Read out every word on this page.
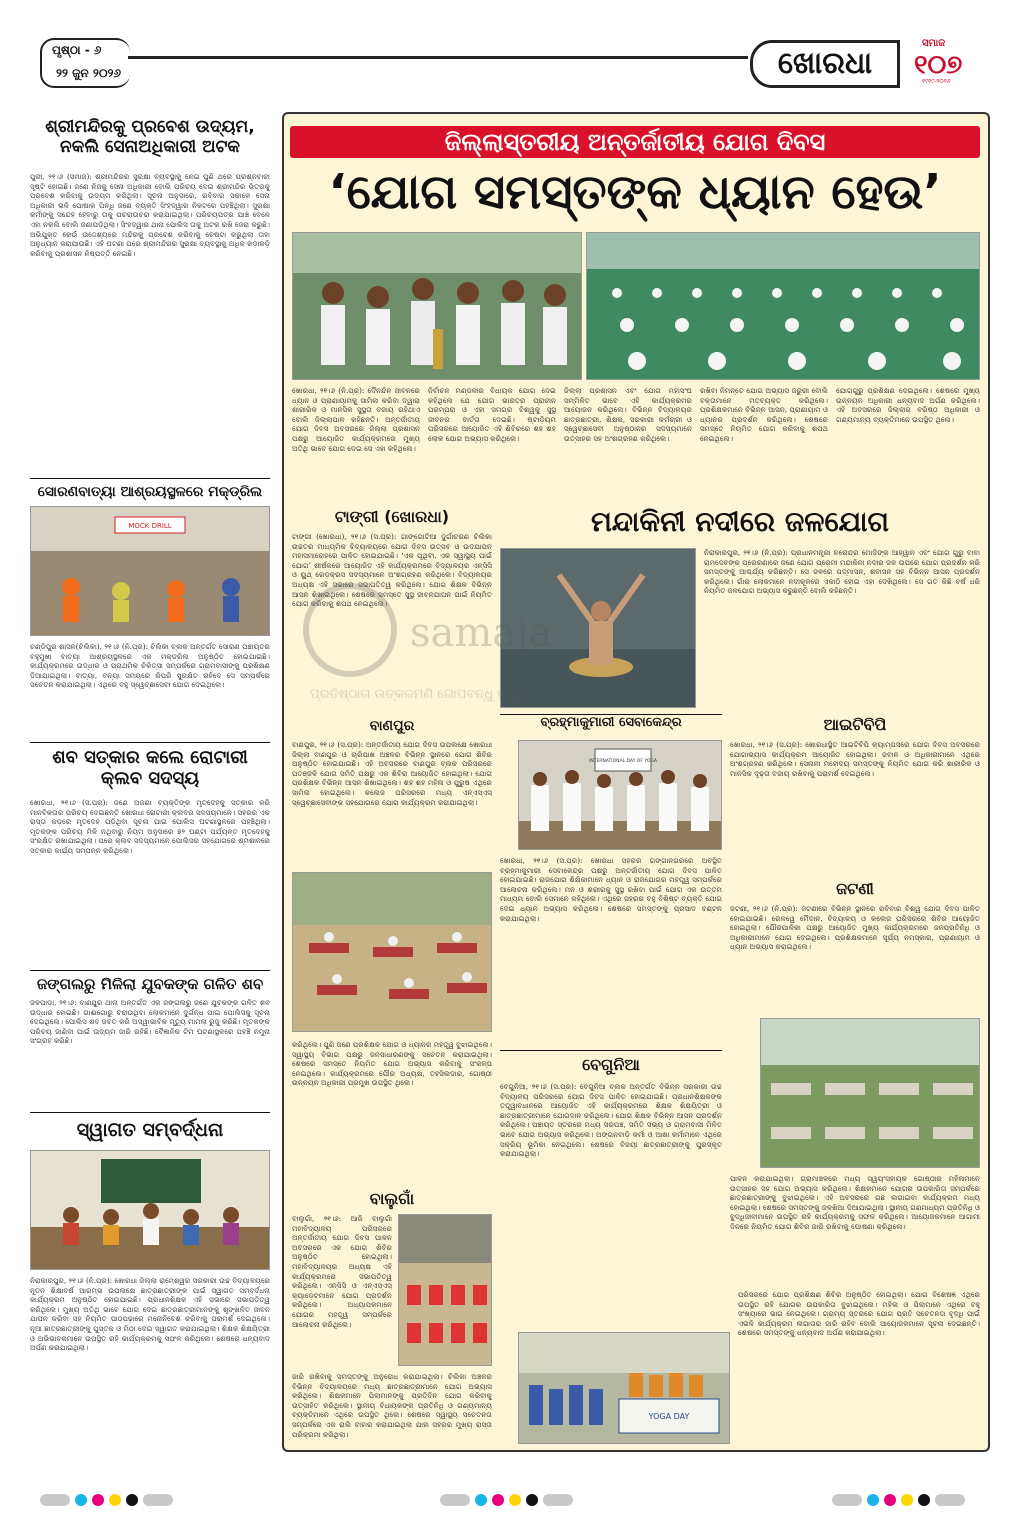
ପୃଷ୍ଠା - ୬
୨୨ ଜୁନ ୨୦୨୬	ଖୋରଧା
ସମାଜ
୧୦୭
୧୯୧୯-୨୦୨୬
ଶ୍ରୀମନ୍ଦିରକୁ ପ୍ରବେଶ ଉଦ୍ୟମ, ନକଲି ସେନାଅଧିକାରୀ ଅଟକ
ପୁରୀ, ୨୧।୬ (ସମାଜ): ଶ୍ରୀମନ୍ଦିରର ସୁରକ୍ଷା ବ୍ୟବସ୍ଥାକୁ ନେଇ ପୁଣି ଥରେ ପ୍ରଶ୍ନବାଚୀ ସୃଷ୍ଟି ହୋଇଛି। ଜଣେ ନିଜକୁ ସେନା ଅଧିକାରୀ ବୋଲି ପରିଚୟ ଦେଇ ଶ୍ରୀମନ୍ଦିର ଭିତରକୁ ପ୍ରବେଶ କରିବାକୁ ଉଦ୍ୟମ କରିଥିଲା। ସୂଚନା ଅନୁସାରେ, ରବିବାର ସକାଳେ ସେନା ଅଧିକାରୀ ଭଳି ପୋଷାକ ପିନ୍ଧି ଜଣେ ବ୍ୟକ୍ତି ସିଂହଦ୍ୱାର ନିକଟରେ ପହଞ୍ଚିଥିଲା। ସୁରକ୍ଷା କର୍ମୀଙ୍କୁ ସନ୍ଦେହ ହେବାରୁ ତାକୁ ପଚରାଉଚରା କରାଯାଇଥିଲା। ପରିଚୟପତ୍ର ଯାଞ୍ଚ ବେଳେ ଏହା ନକଲି ବୋଲି ଜଣାପଡ଼ିଥିଲା। ସିଂହଦ୍ୱାର ଥାନା ପୋଲିସ ତାକୁ ଅଟକ ରଖି ଜେରା କରୁଛି। ଅଭିଯୁକ୍ତ କେଉଁ ଉଦ୍ଦେଶ୍ୟରେ ମନ୍ଦିରକୁ ପ୍ରବେଶ କରିବାକୁ ଚେଷ୍ଟା କରୁଥିଲା ତାହା ଅନୁଧ୍ୟାନ କରାଯାଉଛି। ଏହି ଘଟଣା ପରେ ଶ୍ରୀମନ୍ଦିରର ସୁରକ୍ଷା ବ୍ୟବସ୍ଥାକୁ ଅଧିକ କଡ଼ାକଡ଼ି କରିବାକୁ ପ୍ରଶାସନ ନିଷ୍ପତ୍ତି ନେଇଛି।
ସୋରଣବାତ୍ୟା ଆଶ୍ରୟସ୍ଥଳରେ ମକ୍‌ଡ୍ରିଲ
MOCK DRILL
ଚଣ୍ଡିପୁର ଶାସନ(ଚିଲିକା), ୨୧।୬ (ନି.ପ୍ର): ଚିଲିକା ବ୍ଲକ ଅନ୍ତର୍ଗତ ସୋରଣ ପଞ୍ଚାୟତର ବହୁମୁଖୀ ବାତ୍ୟା ଆଶ୍ରୟସ୍ଥଳରେ ଏକ ମକ୍‌ଡ୍ରିଲ ଅନୁଷ୍ଠିତ ହୋଇଯାଇଛି। କାର୍ଯ୍ୟକ୍ରମରେ ଉଦ୍ଧାର ଓ ପ୍ରାଥମିକ ଚିକିତ୍ସା ସମ୍ପର୍କରେ ଗ୍ରାମବାସୀଙ୍କୁ ପ୍ରଶିକ୍ଷଣ ଦିଆଯାଇଥିଲା। ବାତ୍ୟା, ବନ୍ୟା ସମୟରେ କିପରି ସୁରକ୍ଷିତ ରହିବେ ସେ ସମ୍ପର୍କରେ ସଚେତନ କରାଯାଇଥିଲା। ଏଥିରେ ବହୁ ସ୍ୱେଚ୍ଛାସେବୀ ଯୋଗ ଦେଇଥିଲେ।
ଶବ ସତ୍କାର କଲେ ରୋଟାରୀ କ୍ଲବ ସଦସ୍ୟ
ଖୋରଧା, ୨୧।୬ (ସ.ପ୍ର): ଜଣେ ଅଜଣା ବ୍ୟକ୍ତିଙ୍କ ମୃତଦେହକୁ ସତ୍କାର କରି ମାନବିକତାର ପରିଚୟ ଦେଇଛନ୍ତି ଖୋରଧା ରୋଟାରୀ କ୍ଲବର ସଦସ୍ୟମାନେ। ସହରର ଏକ ରାସ୍ତା କଡ଼ରେ ମୃତଦେହ ପଡ଼ିଥିବା ସୂଚନା ପାଇ ପୋଲିସ ଘଟଣାସ୍ଥଳରେ ପହଞ୍ଚିଥିଲା। ମୃତକଙ୍କ ପରିଚୟ ମିଳି ନଥିବାରୁ ନିୟମ ଅନୁସାରେ ୭୨ ଘଣ୍ଟା ପର୍ଯ୍ୟନ୍ତ ମୃତଦେହକୁ ସଂରକ୍ଷିତ ରଖାଯାଇଥିଲା। ପରେ କ୍ଲବ ସଦସ୍ୟମାନେ ପୋଲିସର ସହଯୋଗରେ ଶ୍ମଶାନରେ ସତ୍କାର କାର୍ଯ୍ୟ ସମ୍ପନ୍ନ କରିଥିଲେ।
ଜଙ୍ଗଲରୁ ମିଳିଲା ଯୁବକଙ୍କ ଗଳିତ ଶବ
ଜଳପାଡ଼ା, ୨୧।୬: ବାଣପୁର ଥାନା ଅନ୍ତର୍ଗତ ଏକ ଜଙ୍ଗଲରୁ ଜଣେ ଯୁବକଙ୍କ ଗଳିତ ଶବ ଉଦ୍ଧାର ହୋଇଛି। ଗାଈଗୋରୁ ଚରାଉଥିବା ଲୋକମାନେ ଦୁର୍ଗନ୍ଧ ପାଇ ପୋଲିସକୁ ସୂଚନା ଦେଇଥିଲେ। ପୋଲିସ ଶବ ଜବତ କରି ଅସ୍ୱାଭାବିକ ମୃତ୍ୟୁ ମାମଲା ରୁଜୁ କରିଛି। ମୃତକଙ୍କ ପରିଚୟ ଜାଣିବା ପାଇଁ ଉଦ୍ୟମ ଜାରି ରହିଛି। ବୈଜ୍ଞାନିକ ଟିମ ଘଟଣାସ୍ଥଳରେ ପହଞ୍ଚି ନମୁନା ସଂଗ୍ରହ କରିଛି।
ସ୍ୱାଗତ ସମ୍ବର୍ଦ୍ଧନା
ନିରାକାରପୁର, ୨୧।୬ (ନି.ପ୍ର): ଖୋରଧା ଜିଲ୍ଲା ରାମେଶ୍ୱର ସରକାରୀ ଉଚ୍ଚ ବିଦ୍ୟାଳୟରେ ନୂତନ ଶିକ୍ଷାବର୍ଷ ଆରମ୍ଭ ଉପଲକ୍ଷେ ଛାତ୍ରଛାତ୍ରୀଙ୍କ ପାଇଁ ସ୍ୱାଗତ ସମ୍ବର୍ଦ୍ଧନା କାର୍ଯ୍ୟକ୍ରମ ଅନୁଷ୍ଠିତ ହୋଇଯାଇଛି। ପ୍ରଧାନଶିକ୍ଷକ ଏହି ସଭାରେ ସଭାପତିତ୍ୱ କରିଥିଲେ। ମୁଖ୍ୟ ଅତିଥି ଭାବେ ଯୋଗ ଦେଇ ଛାତ୍ରଛାତ୍ରୀମାନଙ୍କୁ ଶୃଙ୍ଖଳିତ ଜୀବନ ଯାପନ କରିବା ସହ ନିୟମିତ ପାଠପଢ଼ାରେ ମନୋନିବେଶ କରିବାକୁ ପରାମର୍ଶ ଦେଇଥିଲେ। ନୂଆ ଛାତ୍ରଛାତ୍ରୀଙ୍କୁ ପୁସ୍ତକ ଓ ମିଠା ଦେଇ ସ୍ୱାଗତ କରାଯାଇଥିଲା। ଶିକ୍ଷକ ଶିକ୍ଷୟିତ୍ରୀ ଓ ଅଭିଭାବକମାନେ ଉପସ୍ଥିତ ରହି କାର୍ଯ୍ୟକ୍ରମକୁ ସଫଳ କରିଥିଲେ। ଶେଷରେ ଧନ୍ୟବାଦ ଅର୍ପଣ କରାଯାଇଥିଲା।
ଜିଲ୍ଲାସ୍ତରୀୟ ଅନ୍ତର୍ଜାତୀୟ ଯୋଗ ଦିବସ
‘ଯୋଗ ସମସ୍ତଙ୍କ ଧ୍ୟାନ ହେଉ’
ଖୋରଧା, ୨୧।୬ (ନି.ପ୍ର): ଦୈନନ୍ଦିନ ଜୀବନରେ ଧ୍ୟାନ ଓ ପ୍ରାଣାୟାମକୁ ସାମିଲ କରିବା ଦ୍ୱାରା ଶାରୀରିକ ଓ ମାନସିକ ସୁସ୍ଥତା ବଜାୟ ରହିଥାଏ ବୋଲି ଜିଲ୍ଲାପାଳ କହିଛନ୍ତି। ଅନ୍ତର୍ଜାତୀୟ ଯୋଗ ଦିବସ ଅବସରରେ ଜିଲ୍ଲା ପ୍ରଶାସନ ପକ୍ଷରୁ ଆୟୋଜିତ କାର୍ଯ୍ୟକ୍ରମରେ ମୁଖ୍ୟ ଅତିଥି ଭାବେ ଯୋଗ ଦେଇ ସେ ଏହା କହିଥିଲେ।
ନିର୍ବାଚନ ମଣ୍ଡଳୀର ବିଧାୟକ ଯୋଗ ଦେଇ କହିଥିଲେ ଯେ ଯୋଗ ଭାରତର ପ୍ରାଚୀନ ପରମ୍ପରା ଓ ଏହା ସମଗ୍ର ବିଶ୍ୱକୁ ସୁସ୍ଥ ଜୀବନର ବାର୍ତ୍ତା ଦେଇଛି। ଷ୍ଟାଡ଼ିୟମ ପରିସରରେ ଆୟୋଜିତ ଏହି ଶିବିରରେ ଶହ ଶହ ଲୋକ ଯୋଗ ଅଭ୍ୟାସ କରିଥିଲେ।
ଜିଲ୍ଲା ପ୍ରଶାସନ ଏବଂ ଯୋଗ ମହାସଂଘ ସମ୍ମିଳିତ ଭାବେ ଏହି କାର୍ଯ୍ୟକ୍ରମର ଆୟୋଜନ କରିଥିଲେ। ବିଭିନ୍ନ ବିଦ୍ୟାଳୟର ଛାତ୍ରଛାତ୍ରୀ, ଶିକ୍ଷକ, ସରକାରୀ କର୍ମଚାରୀ ଓ ସ୍ୱେଚ୍ଛାସେବୀ ଅନୁଷ୍ଠାନର ସଦସ୍ୟମାନେ ଉତ୍ସାହର ସହ ଅଂଶଗ୍ରହଣ କରିଥିଲେ।
ରଖିବା ନିମନ୍ତେ ଯୋଗ ଅଭ୍ୟାସ ଜରୁରୀ ବୋଲି ବକ୍ତାମାନେ ମତବ୍ୟକ୍ତ କରିଥିଲେ। ପ୍ରଶିକ୍ଷକମାନେ ବିଭିନ୍ନ ଆସନ, ପ୍ରାଣାୟାମ ଓ ଧ୍ୟାନର ପ୍ରଦର୍ଶନ କରିଥିଲେ। ଶେଷରେ ସମସ୍ତେ ନିୟମିତ ଯୋଗ କରିବାକୁ ଶପଥ ନେଇଥିଲେ।
ଯୋଗଗୁରୁ ପ୍ରଶିକ୍ଷଣ ଦେଇଥିଲେ। ଶେଷରେ ମୁଖ୍ୟ ଉନ୍ନୟନ ଅଧିକାରୀ ଧନ୍ୟବାଦ ଅର୍ପଣ କରିଥିଲେ। ଏହି ଅବସରରେ ଜିଲ୍ଲାର ବରିଷ୍ଠ ଅଧିକାରୀ ଓ ଗଣ୍ୟମାନ୍ୟ ବ୍ୟକ୍ତିମାନେ ଉପସ୍ଥିତ ଥିଲେ।
ଟାଙ୍ଗୀ (ଖୋରଧା)
ଟାଙ୍ଗୀ (ଖୋରଧା), ୨୧।୬ (ସ.ପ୍ର): ଗାଙ୍ଗୋଟିଆ ଦୁର୍ଗାଚରଣ ଚିଲିକା ଉଚ୍ଚତର ମାଧ୍ୟମିକ ବିଦ୍ୟାଳୟରେ ଯୋଗ ଦିବସ ଉତ୍ସବ ଓ ଉଦଯାପନ ମହାସମାରୋହରେ ପାଳିତ ହୋଇଯାଇଛି। ‘ଏକ ପୃଥିବୀ, ଏକ ସ୍ୱାସ୍ଥ୍ୟ ପାଇଁ ଯୋଗ’ ଶୀର୍ଷକରେ ଆୟୋଜିତ ଏହି କାର୍ଯ୍ୟକ୍ରମରେ ବିଦ୍ୟାଳୟର ଏନ୍‌ସିସି ଓ ୟୁଥ୍ ରେଡ଼କ୍ରସ ସଦସ୍ୟମାନେ ଅଂଶଗ୍ରହଣ କରିଥିଲେ। ବିଦ୍ୟାଳୟର ଅଧ୍ୟକ୍ଷ ଏହି ସଭାରେ ସଭାପତିତ୍ୱ କରିଥିଲେ। ଯୋଗ ଶିକ୍ଷକ ବିଭିନ୍ନ ଆସନ ଶିଖାଇଥିଲେ। ଶେଷରେ ସମସ୍ତେ ସୁସ୍ଥ ଜୀବନଯାପନ ପାଇଁ ନିୟମିତ ଯୋଗ କରିବାକୁ ଶପଥ ନେଇଥିଲେ।
ମନ୍ଦାକିନୀ ନଦୀରେ ଜଳଯୋଗ
ନିରାକାରପୁର, ୨୧।୬ (ନି.ପ୍ର): ପ୍ରଧାନମନ୍ତ୍ରୀ ନରେନ୍ଦ୍ର ମୋଦିଙ୍କ ଆହ୍ୱାନ ଏବଂ ଯୋଗ ଗୁରୁ ବାବା ରାମଦେବଙ୍କ ପ୍ରେରଣାରେ ଜଣେ ଯୋଗ ପ୍ରେମୀ ମନ୍ଦାକିନୀ ନଦୀର ଜଳ ଉପରେ ଯୋଗ ପ୍ରଦର୍ଶନ କରି ସମସ୍ତଙ୍କୁ ଆଶ୍ଚର୍ଯ୍ୟ କରିଛନ୍ତି। ସେ ଜଳରେ ପଦ୍ମାସନ, ଶବାସନ ସହ ବିଭିନ୍ନ ଆସନ ପ୍ରଦର୍ଶନ କରିଥିଲେ। ଗାଁର ଲୋକମାନେ ନଦୀକୂଳରେ ଏକାଠି ହୋଇ ଏହା ଦେଖିଥିଲେ। ସେ ଗତ କିଛି ବର୍ଷ ଧରି ନିୟମିତ ଜଳଯୋଗ ଅଭ୍ୟାସ କରୁଛନ୍ତି ବୋଲି କହିଛନ୍ତି।
ବ୍ରହ୍ମାକୁମାରୀ ସେବାକେନ୍ଦ୍ର
INTERNATIONAL DAY OF YOGA
ଖୋରଧା, ୨୧।୬ (ସ.ପ୍ର): ଖୋରଧା ସହରର ଗଙ୍ଗାନଗରରେ ଅବସ୍ଥିତ ବ୍ରହ୍ମାକୁମାରୀ ସେବାକେନ୍ଦ୍ର ପକ୍ଷରୁ ଅନ୍ତର୍ଜାତୀୟ ଯୋଗ ଦିବସ ପାଳିତ ହୋଇଯାଇଛି। ରାଜଯୋଗ ଶିକ୍ଷିକାମାନେ ଧ୍ୟାନ ଓ ରାଜଯୋଗର ମହତ୍ତ୍ୱ ସମ୍ପର୍କରେ ଆଲୋଚନା କରିଥିଲେ। ମନ ଓ ଶରୀରକୁ ସୁସ୍ଥ ରଖିବା ପାଇଁ ଯୋଗ ଏକ ଉତ୍ତମ ମାଧ୍ୟମ ବୋଲି ସେମାନେ କହିଥିଲେ। ଏଥିରେ ସହରର ବହୁ ବିଶିଷ୍ଟ ବ୍ୟକ୍ତି ଯୋଗ ଦେଇ ଧ୍ୟାନ ଅଭ୍ୟାସ କରିଥିଲେ। ଶେଷରେ ସମସ୍ତଙ୍କୁ ପ୍ରସାଦ ବଣ୍ଟନ କରାଯାଇଥିଲା।
ବାଣପୁର
ବାଣପୁର, ୨୧।୬ (ସ.ପ୍ର): ଅନ୍ତର୍ଜାତୀୟ ଯୋଗ ଦିବସ ଉପଲକ୍ଷେ ଖୋରଧା ଜିଲ୍ଲା ବାଣପୁର ଓ ଚାରିପାଖ ଅଞ୍ଚଳର ବିଭିନ୍ନ ସ୍ଥାନରେ ଯୋଗ ଶିବିର ଅନୁଷ୍ଠିତ ହୋଇଯାଇଛି। ଏହି ଅବସରରେ ବାଣପୁର ବ୍ଲକ ପରିସରରେ ପତଞ୍ଜଳି ଯୋଗ ସମିତି ପକ୍ଷରୁ ଏକ ଶିବିର ଆୟୋଜିତ ହୋଇଥିଲା। ଯୋଗ ପ୍ରଶିକ୍ଷକ ବିଭିନ୍ନ ଆସନ ଶିଖାଇଥିଲେ। ଶହ ଶହ ମହିଳା ଓ ପୁରୁଷ ଏଥିରେ ସାମିଲ ହୋଇଥିଲେ। କଲେଜ ପରିସରରେ ମଧ୍ୟ ଏନ୍‌ଏସ୍‌ଏସ୍ ସ୍ୱେଚ୍ଛାସେବୀଙ୍କ ସହଯୋଗରେ ଯୋଗ କାର୍ଯ୍ୟକ୍ରମ କରାଯାଇଥିଲା।
କରିଥିଲେ। ପୁଣି ଜଣେ ପ୍ରଶିକ୍ଷକ ଯୋଗ ଓ ଧ୍ୟାନର ମହତ୍ତ୍ୱ ବୁଝାଇଥିଲେ। ସ୍ୱାସ୍ଥ୍ୟ ବିଭାଗ ପକ୍ଷରୁ ଜନସାଧାରଣଙ୍କୁ ସଚେତନ କରାଯାଇଥିଲା। ଶେଷରେ ସମସ୍ତେ ନିୟମିତ ଯୋଗ ଅଭ୍ୟାସ କରିବାକୁ ସଂକଳ୍ପ ନେଇଥିଲେ। କାର୍ଯ୍ୟକ୍ରମରେ ପୌର ଅଧ୍ୟକ୍ଷ, ତହସିଲଦାର, ଗୋଷ୍ଠୀ ଉନ୍ନୟନ ଅଧିକାରୀ ପ୍ରମୁଖ ଉପସ୍ଥିତ ଥିଲେ।
ଆଇଟିବିପି
ଖୋରଧା, ୨୧।୬ (ସ.ପ୍ର): ଖୋରଧାସ୍ଥିତ ଆଇଟିବିପି କ୍ୟାମ୍ପସରେ ଯୋଗ ଦିବସ ଅବସରରେ ଯୋଗାଭ୍ୟାସ କାର୍ଯ୍ୟକ୍ରମ ଆୟୋଜିତ ହୋଇଥିଲା। ଜବାନ ଓ ଅଧିକାରୀମାନେ ଏଥିରେ ଅଂଶଗ୍ରହଣ କରିଥିଲେ। ସେନାନୀ ମହୋଦୟ ସମସ୍ତଙ୍କୁ ନିୟମିତ ଯୋଗ କରି ଶାରୀରିକ ଓ ମାନସିକ ଦୃଢ଼ତା ବଜାୟ ରଖିବାକୁ ପରାମର୍ଶ ଦେଇଥିଲେ।
ଜଟଣୀ
ଜଟଣୀ, ୨୧।୬ (ନି.ପ୍ର): ଜଟଣୀରେ ବିଭିନ୍ନ ସ୍ଥାନରେ ରବିବାର ବିଶ୍ୱ ଯୋଗ ଦିବସ ପାଳିତ ହୋଇଯାଇଛି। ରେଳୱେ ମୈଦାନ, ବିଦ୍ୟାଳୟ ଓ କଲେଜ ପରିସରରେ ଶିବିର ଆୟୋଜିତ ହୋଇଥିଲା। ପୌରପାଳିକା ପକ୍ଷରୁ ଆୟୋଜିତ ମୁଖ୍ୟ କାର୍ଯ୍ୟକ୍ରମରେ ଜନପ୍ରତିନିଧି ଓ ଅଧିକାରୀମାନେ ଯୋଗ ଦେଇଥିଲେ। ପ୍ରଶିକ୍ଷକମାନେ ସୂର୍ଯ୍ୟ ନମସ୍କାର, ପ୍ରାଣାୟାମ ଓ ଧ୍ୟାନ ଅଭ୍ୟାସ କରାଇଥିଲେ।
ପାଳନ କରାଯାଇଥିଲା। ଗ୍ରାମାଞ୍ଚଳରେ ମଧ୍ୟ ସ୍ୱୟଂସହାୟକ ଗୋଷ୍ଠୀର ମହିଳାମାନେ ଉତ୍ସାହର ସହ ଯୋଗ ଅଭ୍ୟାସ କରିଥିଲେ। ଶିକ୍ଷକମାନେ ଯୋଗର ଉପକାରିତା ସମ୍ପର୍କରେ ଛାତ୍ରଛାତ୍ରୀଙ୍କୁ ବୁଝାଇଥିଲେ। ଏହି ଅବସରରେ ଗଛ ଲଗାଇବା କାର୍ଯ୍ୟକ୍ରମ ମଧ୍ୟ ହୋଇଥିଲା। ଶେଷରେ ସମସ୍ତଙ୍କୁ ଜଳଖିଆ ଦିଆଯାଇଥିଲା। ସ୍ଥାନୀୟ ଗଣମାଧ୍ୟମ ପ୍ରତିନିଧି ଓ ବୁଦ୍ଧିଜୀବୀମାନେ ଉପସ୍ଥିତ ରହି କାର୍ଯ୍ୟକ୍ରମକୁ ସଫଳ କରିଥିଲେ। ଆୟୋଜକମାନେ ଆଗାମୀ ଦିନରେ ନିୟମିତ ଯୋଗ ଶିବିର ଜାରି ରଖିବାକୁ ଘୋଷଣା କରିଥିଲେ।
ବେଗୁନିଆ
ବେଗୁନିଆ, ୨୧।୬ (ସ.ପ୍ର): ବେଗୁନିଆ ବ୍ଲକ ଅନ୍ତର୍ଗତ ବିଭିନ୍ନ ସରକାରୀ ଉଚ୍ଚ ବିଦ୍ୟାଳୟ ପରିସରରେ ଯୋଗ ଦିବସ ପାଳିତ ହୋଇଯାଇଛି। ପ୍ରଧାନଶିକ୍ଷକଙ୍କ ତତ୍ତ୍ୱାବଧାନରେ ଆୟୋଜିତ ଏହି କାର୍ଯ୍ୟକ୍ରମରେ ଶିକ୍ଷକ ଶିକ୍ଷୟିତ୍ରୀ ଓ ଛାତ୍ରଛାତ୍ରୀମାନେ ଯୋଗଦାନ କରିଥିଲେ। ଯୋଗ ଶିକ୍ଷକ ବିଭିନ୍ନ ଆସନ ପ୍ରଦର୍ଶନ କରିଥିଲେ। ପଞ୍ଚାୟତ ସ୍ତରରେ ମଧ୍ୟ ସରପଞ୍ଚ, ସମିତି ସଭ୍ୟ ଓ ଗ୍ରାମବାସୀ ମିଳିତ ଭାବେ ଯୋଗ ଅଭ୍ୟାସ କରିଥିଲେ। ଅଙ୍ଗନବାଡ଼ି କର୍ମୀ ଓ ଆଶା କର୍ମୀମାନେ ଏଥିରେ ସକ୍ରିୟ ଭୂମିକା ନେଇଥିଲେ। ଶେଷରେ ବିଜୟୀ ଛାତ୍ରଛାତ୍ରୀଙ୍କୁ ପୁରସ୍କୃତ କରାଯାଇଥିଲା।
ବାଲୁଗାଁ
ବାଲୁଗାଁ, ୨୧।୬: ଆଜି ବାଲୁଗାଁ ମହାବିଦ୍ୟାଳୟ ପରିସରରେ ଅନ୍ତର୍ଜାତୀୟ ଯୋଗ ଦିବସ ପାଳନ ଅବସରରେ ଏକ ଯୋଗ ଶିବିର ଅନୁଷ୍ଠିତ ହୋଇଥିଲା। ମହାବିଦ୍ୟାଳୟର ଅଧ୍ୟକ୍ଷ ଏହି କାର୍ଯ୍ୟକ୍ରମରେ ସଭାପତିତ୍ୱ କରିଥିଲେ। ଏନ୍‌ସିସି ଓ ଏନ୍‌ଏସ୍‌ଏସ୍ କ୍ୟାଡ଼େଟମାନେ ଯୋଗ ପ୍ରଦର୍ଶନ କରିଥିଲେ। ଅଧ୍ୟାପକମାନେ ଯୋଗର ମହତ୍ତ୍ୱ ସମ୍ପର୍କରେ ଆଲୋଚନା କରିଥିଲେ।
ଜାରି ରଖିବାକୁ ସମସ୍ତଙ୍କୁ ଅନୁରୋଧ କରାଯାଇଥିଲା। ଚିଲିକା ଅଞ୍ଚଳର ବିଭିନ୍ନ ବିଦ୍ୟାଳୟରେ ମଧ୍ୟ ଛାତ୍ରଛାତ୍ରୀମାନେ ଯୋଗ ଅଭ୍ୟାସ କରିଥିଲେ। ଶିକ୍ଷକମାନେ ପିଲାମାନଙ୍କୁ ପ୍ରତିଦିନ ଯୋଗ କରିବାକୁ ଉତ୍ସାହିତ କରିଥିଲେ। ସ୍ଥାନୀୟ ବିଧାୟକଙ୍କ ପ୍ରତିନିଧି ଓ ଗଣ୍ୟମାନ୍ୟ ବ୍ୟକ୍ତିମାନେ ଏଥିରେ ଉପସ୍ଥିତ ଥିଲେ। ଶେଷରେ ସ୍ୱାସ୍ଥ୍ୟ ସଚେତନତା ସମ୍ପର୍କରେ ଏକ ରାଲି ବାହାର କରାଯାଇଥିଲା ଯାହା ସହରର ମୁଖ୍ୟ ରାସ୍ତା ପରିକ୍ରମା କରିଥିଲା।
YOGA DAY
ପରିସରରେ ଯୋଗ ପ୍ରଶିକ୍ଷଣ ଶିବିର ଅନୁଷ୍ଠିତ ହୋଇଥିଲା। ଯୋଗ ବିଶେଷଜ୍ଞ ଏଥିରେ ଉପସ୍ଥିତ ରହି ଯୋଗର ଉପକାରିତା ବୁଝାଇଥିଲେ। ମହିଳା ଓ ପିଲାମାନେ ଏଥିରେ ବହୁ ସଂଖ୍ୟାରେ ଭାଗ ନେଇଥିଲେ। ଗ୍ରାମ୍ୟ ସ୍ତରରେ ଯୋଗ ପ୍ରତି ସଚେତନତା ବୃଦ୍ଧି ପାଇଁ ଏଭଳି କାର୍ଯ୍ୟକ୍ରମ ଲଗାତାର ଜାରି ରହିବ ବୋଲି ଆୟୋଜକମାନେ ସୂଚନା ଦେଇଛନ୍ତି। ଶେଷରେ ସମସ୍ତଙ୍କୁ ଧନ୍ୟବାଦ ଅର୍ପଣ କରାଯାଇଥିଲା।
samaja
ପ୍ରତିଷ୍ଠାତା ଉତ୍କଳମଣି ଗୋପବନ୍ଧୁ ଦାସ
